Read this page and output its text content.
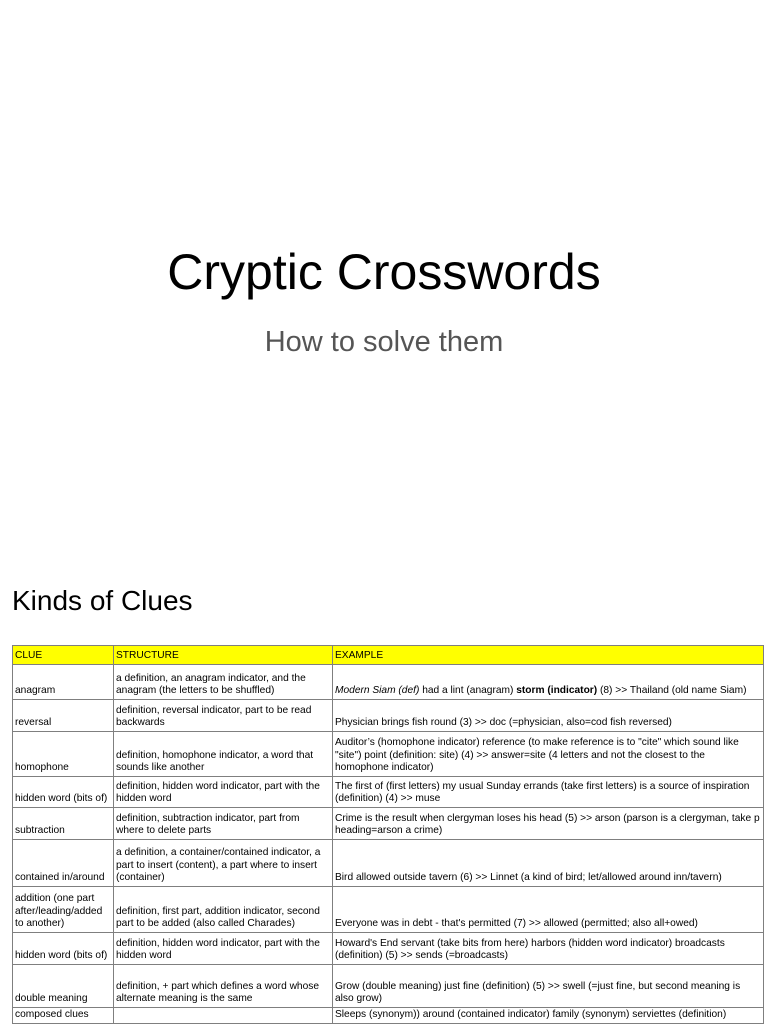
Cryptic Crosswords
How to solve them
Kinds of Clues
CLUE	STRUCTURE	EXAMPLE
anagram	a definition, an anagram indicator, and the anagram (the letters to be shuffled)	Modern Siam (def) had a lint (anagram) storm (indicator) (8) >> Thailand (old name Siam)
reversal	definition, reversal indicator, part to be read backwards	Physician brings fish round (3) >> doc (=physician, also=cod fish reversed)
homophone	definition, homophone indicator, a word that sounds like another	Auditor’s (homophone indicator) reference (to make reference is to "cite" which sound like "site") point (definition: site) (4) >> answer=site (4 letters and not the closest to the homophone indicator)
hidden word (bits of)	definition, hidden word indicator, part with the hidden word	The first of (first letters) my usual Sunday errands (take first letters) is a source of inspiration (definition) (4) >> muse
subtraction	definition, subtraction indicator, part from where to delete parts	Crime is the result when clergyman loses his head (5) >> arson (parson is a clergyman, take p heading=arson a crime)
contained in/around	a definition, a container/contained indicator, a part to insert (content), a part where to insert (container)	Bird allowed outside tavern (6) >> Linnet (a kind of bird; let/allowed around inn/tavern)
addition (one part after/leading/added to another)	definition, first part, addition indicator, second part to be added (also called Charades)	Everyone was in debt - that's permitted (7) >> allowed (permitted; also all+owed)
hidden word (bits of)	definition, hidden word indicator, part with the hidden word	Howard's End servant (take bits from here) harbors (hidden word indicator) broadcasts (definition) (5) >> sends (=broadcasts)
double meaning	definition, + part which defines a word whose alternate meaning is the same	Grow (double meaning) just fine (definition) (5) >> swell (=just fine, but second meaning is also grow)
composed clues		Sleeps (synonym)) around (contained indicator) family (synonym) serviettes (definition)
